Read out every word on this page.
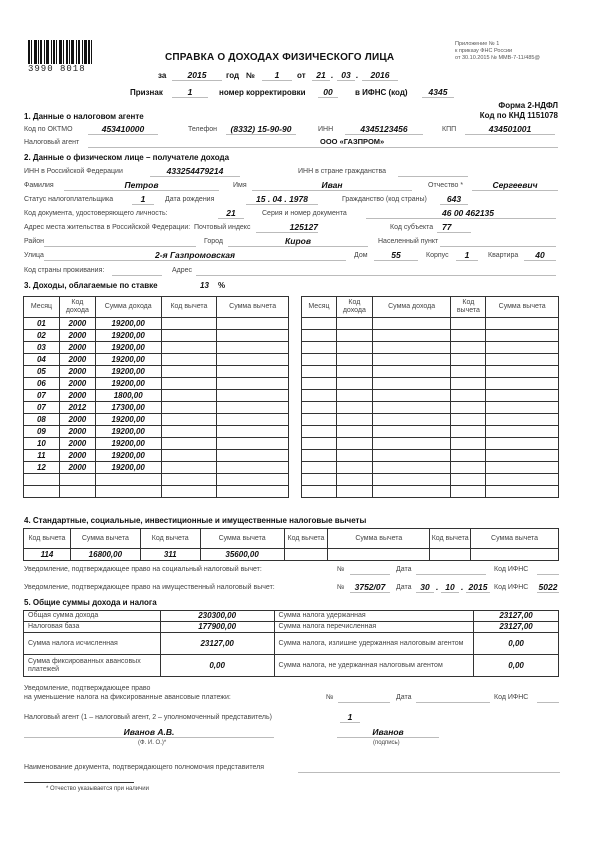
3990 8018
Приложение № 1
к приказу ФНС России
от 30.10.2015 № ММВ-7-11/485@
СПРАВКА О ДОХОДАХ ФИЗИЧЕСКОГО ЛИЦА
за	2015	год №	1	от	21 . 03 .	2016
Признак	1	номер корректировки	00	в ИФНС (код)	4345
Форма 2-НДФЛ
Код по КНД 1151078
1. Данные о налоговом агенте
Код по ОКТМО	453410000	Телефон	(8332) 15-90-90	ИНН	4345123456	КПП	434501001
Налоговый агент	ООО «ГАЗПРОМ»
2. Данные о физическом лице – получателе дохода
ИНН в Российской Федерации	433254479214	ИНН в стране гражданства
Фамилия	Петров	Имя	Иван	Отчество *	Сергеевич
Статус налогоплательщика	1	Дата рождения	15 . 04 . 1978	Гражданство (код страны)	643
Код документа, удостоверяющего личность:	21	Серия и номер документа	46 00 462135
Адрес места жительства в Российской Федерации: Почтовый индекс	125127	Код субъекта	77
Район	Город	Киров	Населенный пункт
Улица	2-я Газпромовская	Дом	55	Корпус	1	Квартира	40
Код страны проживания:	Адрес
3. Доходы, облагаемые по ставке	13 %
Месяц	Код дохода	Сумма дохода	Код вычета	Сумма вычета
01	2000	19200,00		
02	2000	19200,00		
03	2000	19200,00		
04	2000	19200,00		
05	2000	19200,00		
06	2000	19200,00		
07	2000	1800,00		
07	2012	17300,00		
08	2000	19200,00		
09	2000	19200,00		
10	2000	19200,00		
11	2000	19200,00		
12	2000	19200,00		

Месяц	Код дохода	Сумма дохода	Код вычета	Сумма вычета

4. Стандартные, социальные, инвестиционные и имущественные налоговые вычеты
Код вычета	Сумма вычета	Код вычета	Сумма вычета	Код вычета	Сумма вычета	Код вычета	Сумма вычета
114	16800,00	311	35600,00				
Уведомление, подтверждающее право на социальный налоговый вычет:	№	Дата	Код ИФНС
Уведомление, подтверждающее право на имущественный налоговый вычет:	№	3752/07	Дата	30 . 10 . 2015 Код ИФНС 5022
5. Общие суммы дохода и налога
Общая сумма дохода	230300,00	Сумма налога удержанная	23127,00
Налоговая база	177900,00	Сумма налога перечисленная	23127,00
Сумма налога исчисленная	23127,00	Сумма налога, излишне удержанная налоговым агентом	0,00
Сумма фиксированных авансовых платежей	0,00	Сумма налога, не удержанная налоговым агентом	0,00
Уведомление, подтверждающее право
на уменьшение налога на фиксированные авансовые платежи:	№	Дата	Код ИФНС
Налоговый агент (1 – налоговый агент, 2 – уполномоченный представитель)	1
Иванов А.В.
(Ф. И. О.)*
Иванов
(подпись)
Наименование документа, подтверждающего полномочия представителя
* Отчество указывается при наличии
